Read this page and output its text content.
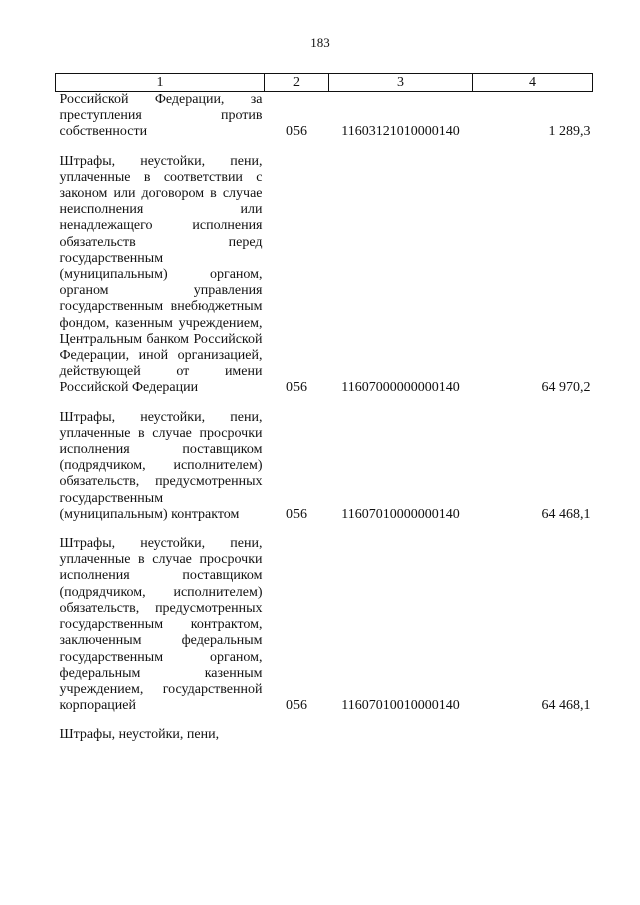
183
1	2	3	4

Российской Федерации, за преступления против собственности	056	11603121010000140	1 289,3

Штрафы, неустойки, пени, уплаченные в соответствии с законом или договором в случае неисполнения или ненадлежащего исполнения обязательств перед государственным (муниципальным) органом, органом управления государственным внебюджетным фондом, казенным учреждением, Центральным банком Российской Федерации, иной организацией, действующей от имени Российской Федерации	056	11607000000000140	64 970,2

Штрафы, неустойки, пени, уплаченные в случае просрочки исполнения поставщиком (подрядчиком, исполнителем) обязательств, предусмотренных государственным (муниципальным) контрактом	056	11607010000000140	64 468,1

Штрафы, неустойки, пени, уплаченные в случае просрочки исполнения поставщиком (подрядчиком, исполнителем) обязательств, предусмотренных государственным контрактом, заключенным федеральным государственным органом, федеральным казенным учреждением, государственной корпорацией	056	11607010010000140	64 468,1

Штрафы, неустойки, пени,			
